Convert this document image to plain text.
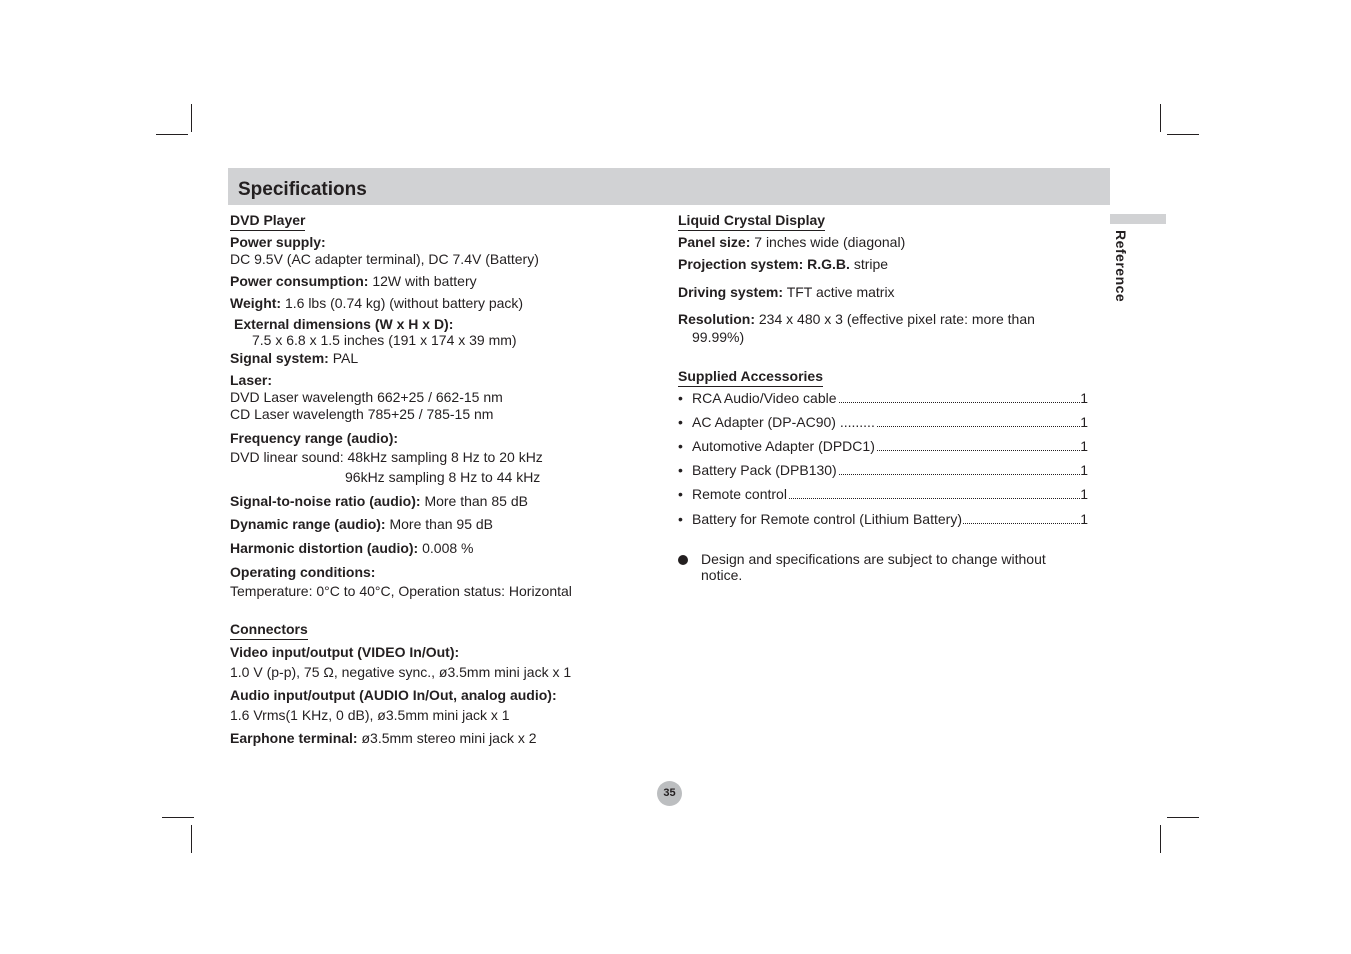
Specifications
Reference
DVD Player
Power supply:
DC 9.5V (AC adapter terminal), DC 7.4V (Battery)
Power consumption: 12W with battery
Weight: 1.6 lbs (0.74 kg) (without battery pack)
External dimensions (W x H x D):
7.5 x 6.8 x 1.5 inches (191 x 174 x 39 mm)
Signal system: PAL
Laser:
DVD Laser wavelength 662+25 / 662-15 nm
CD Laser wavelength 785+25 / 785-15 nm
Frequency range (audio):
DVD linear sound: 48kHz sampling 8 Hz to 20 kHz
96kHz sampling 8 Hz to 44 kHz
Signal-to-noise ratio (audio): More than 85 dB
Dynamic range (audio): More than 95 dB
Harmonic distortion (audio): 0.008 %
Operating conditions:
Temperature: 0°C to 40°C, Operation status: Horizontal
Connectors
Video input/output (VIDEO In/Out):
1.0 V (p-p), 75 Ω, negative sync., ø3.5mm mini jack x 1
Audio input/output (AUDIO In/Out, analog audio):
1.6 Vrms(1 KHz, 0 dB), ø3.5mm mini jack x 1
Earphone terminal: ø3.5mm stereo mini jack x 2
Liquid Crystal Display
Panel size: 7 inches wide (diagonal)
Projection system: R.G.B. stripe
Driving system: TFT active matrix
Resolution: 234 x 480 x 3 (effective pixel rate: more than
99.99%)
Supplied Accessories
• RCA Audio/Video cable	1
• AC Adapter (DP-AC90) .........	1
• Automotive Adapter (DPDC1)	1
• Battery Pack (DPB130)	1
• Remote control	1
• Battery for Remote control (Lithium Battery)	1
Design and specifications are subject to change without
notice.
35
